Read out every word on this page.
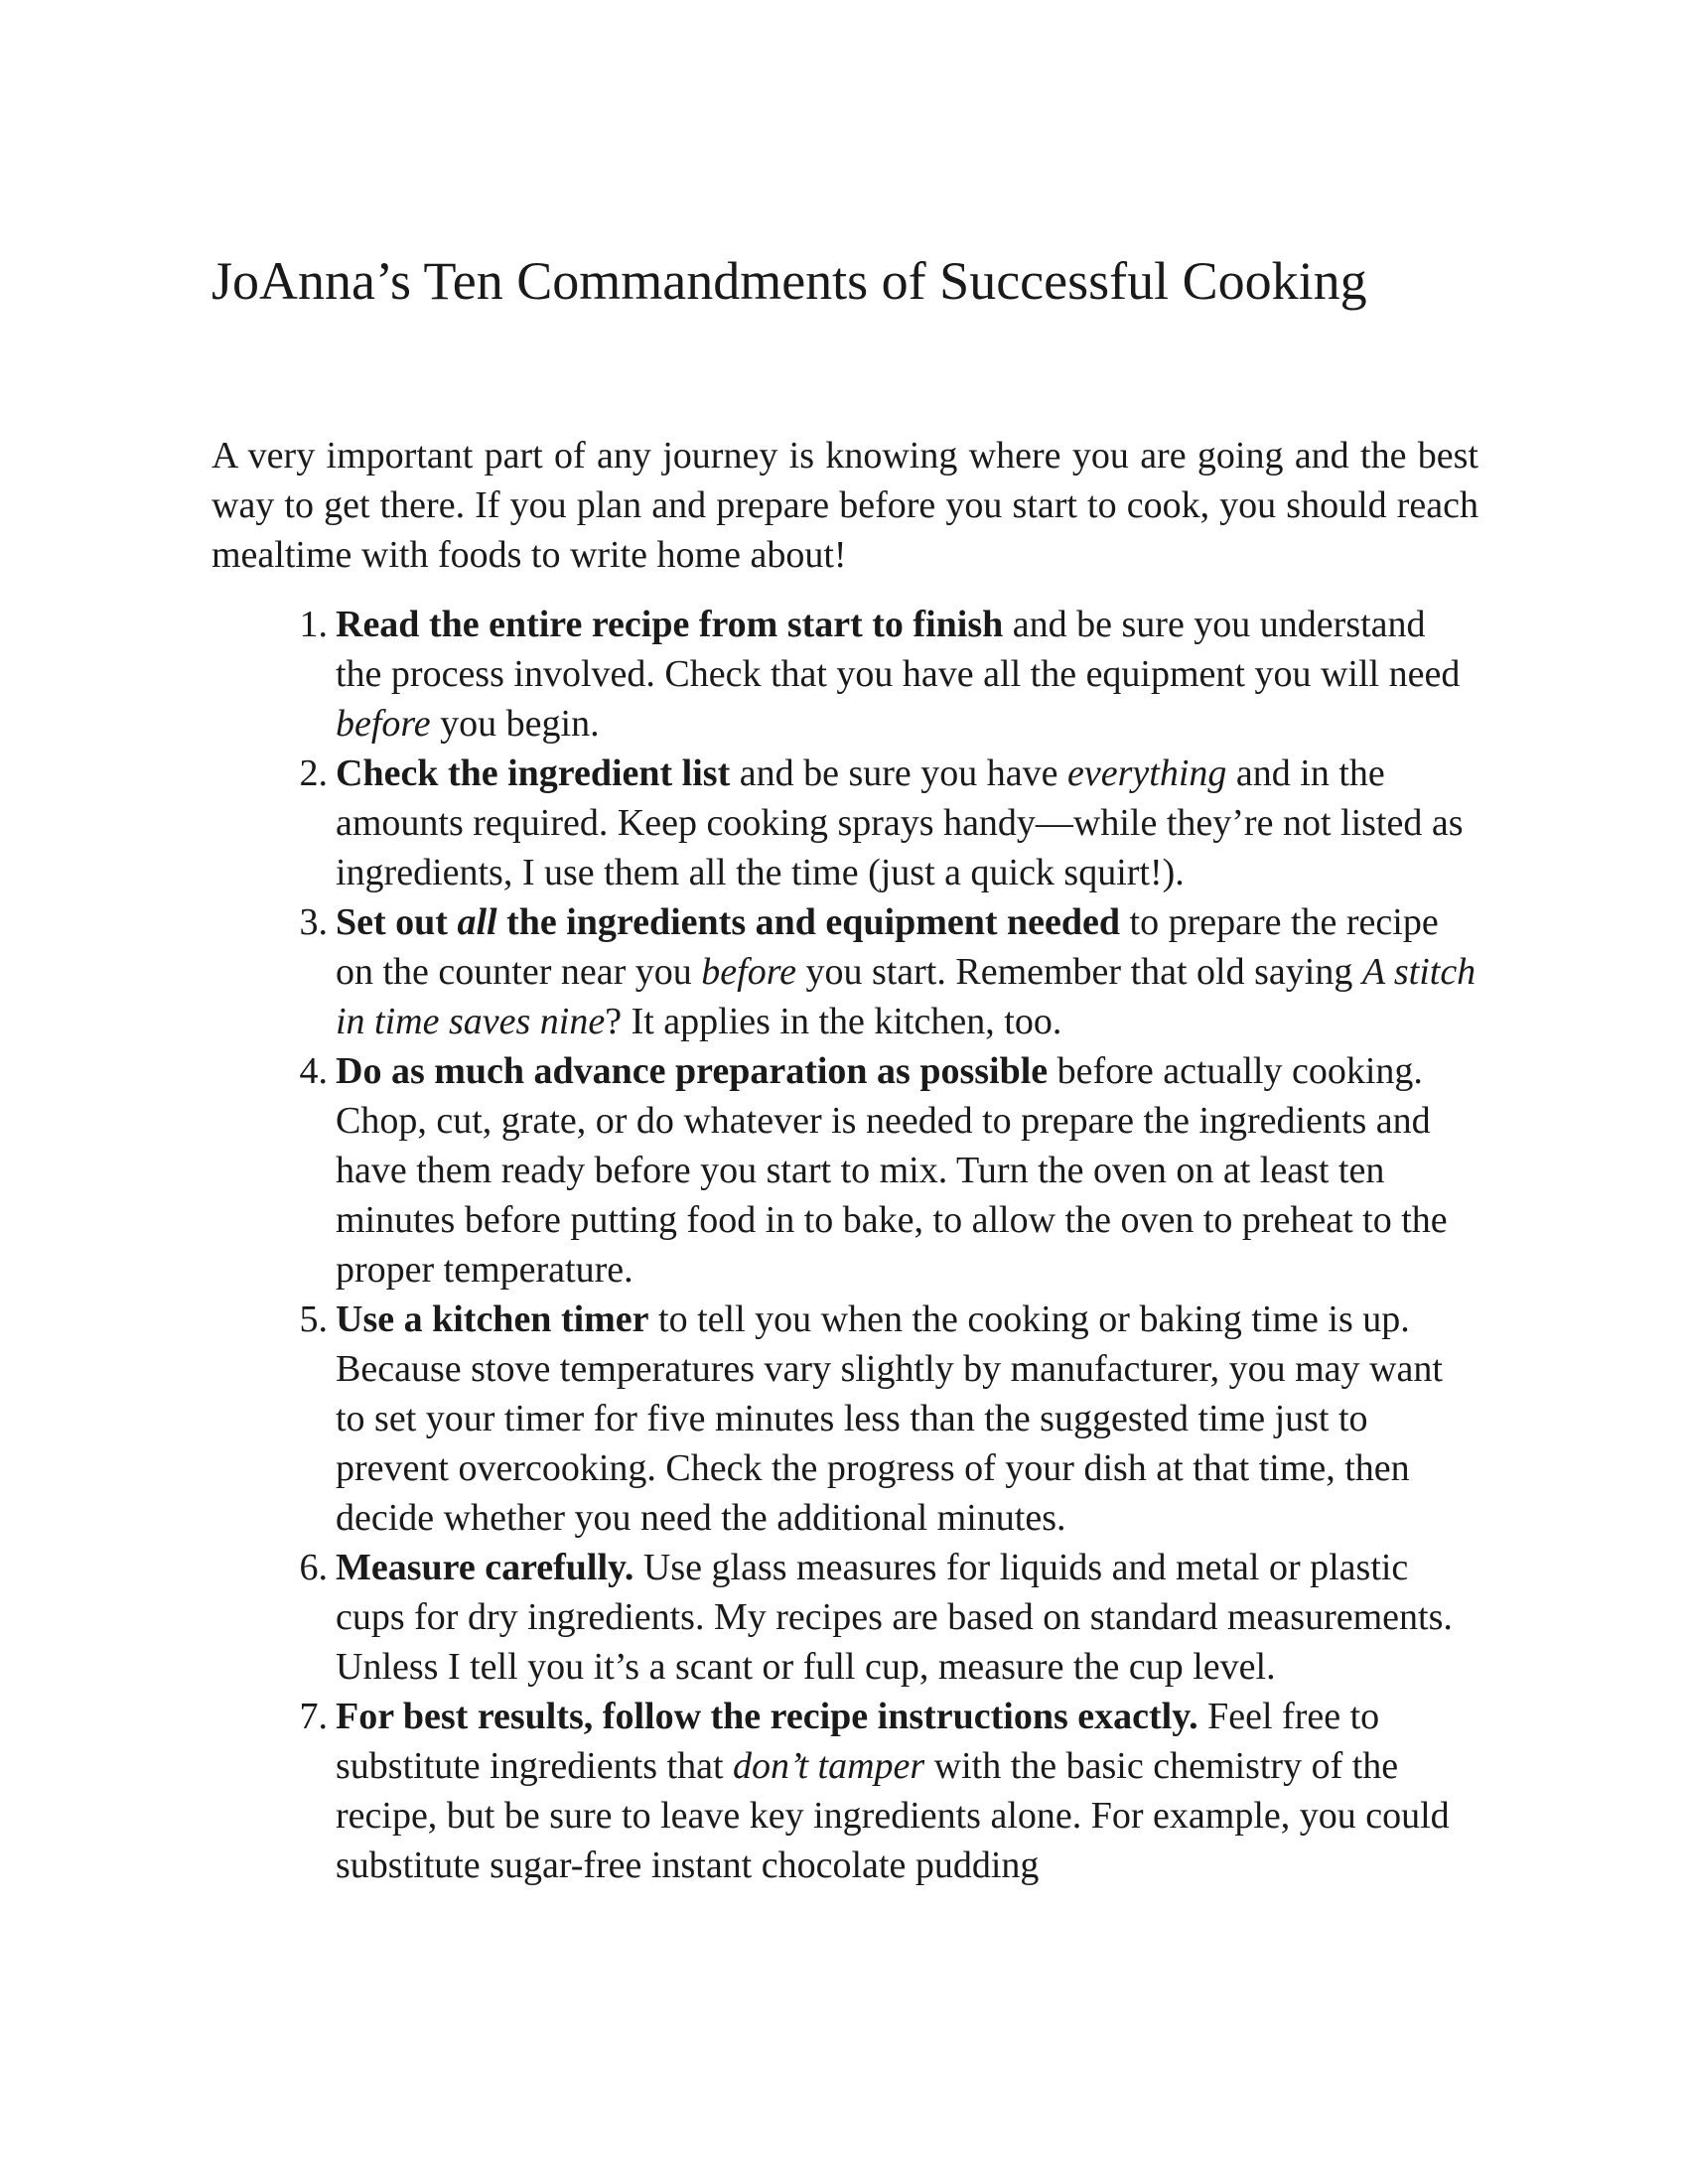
JoAnna’s Ten Commandments of Successful Cooking

A very important part of any journey is knowing where you are going and the best way to get there. If you plan and prepare before you start to cook, you should reach mealtime with foods to write home about!

1 . Read the entire recipe from start to finish and be sure you understand the process involved. Check that you have all the equipment you will need before you begin.
2 . Check the ingredient list and be sure you have everything and in the amounts required. Keep cooking sprays handy—while they’re not listed as ingredients, I use them all the time (just a quick squirt!).
3 . Set out all the ingredients and equipment needed to prepare the recipe on the counter near you before you start. Remember that old saying A stitch in time saves nine? It applies in the kitchen, too.
4 . Do as much advance preparation as possible before actually cooking. Chop, cut, grate, or do whatever is needed to prepare the ingredients and have them ready before you start to mix. Turn the oven on at least ten minutes before putting food in to bake, to allow the oven to preheat to the proper temperature.
5 . Use a kitchen timer to tell you when the cooking or baking time is up. Because stove temperatures vary slightly by manufacturer, you may want to set your timer for five minutes less than the suggested time just to prevent overcooking. Check the progress of your dish at that time, then decide whether you need the additional minutes.
6 . Measure carefully. Use glass measures for liquids and metal or plastic cups for dry ingredients. My recipes are based on standard measurements. Unless I tell you it’s a scant or full cup, measure the cup level.
7 . For best results, follow the recipe instructions exactly. Feel free to substitute ingredients that don’t tamper with the basic chemistry of the recipe, but be sure to leave key ingredients alone. For example, you could substitute sugar-free instant chocolate pudding
